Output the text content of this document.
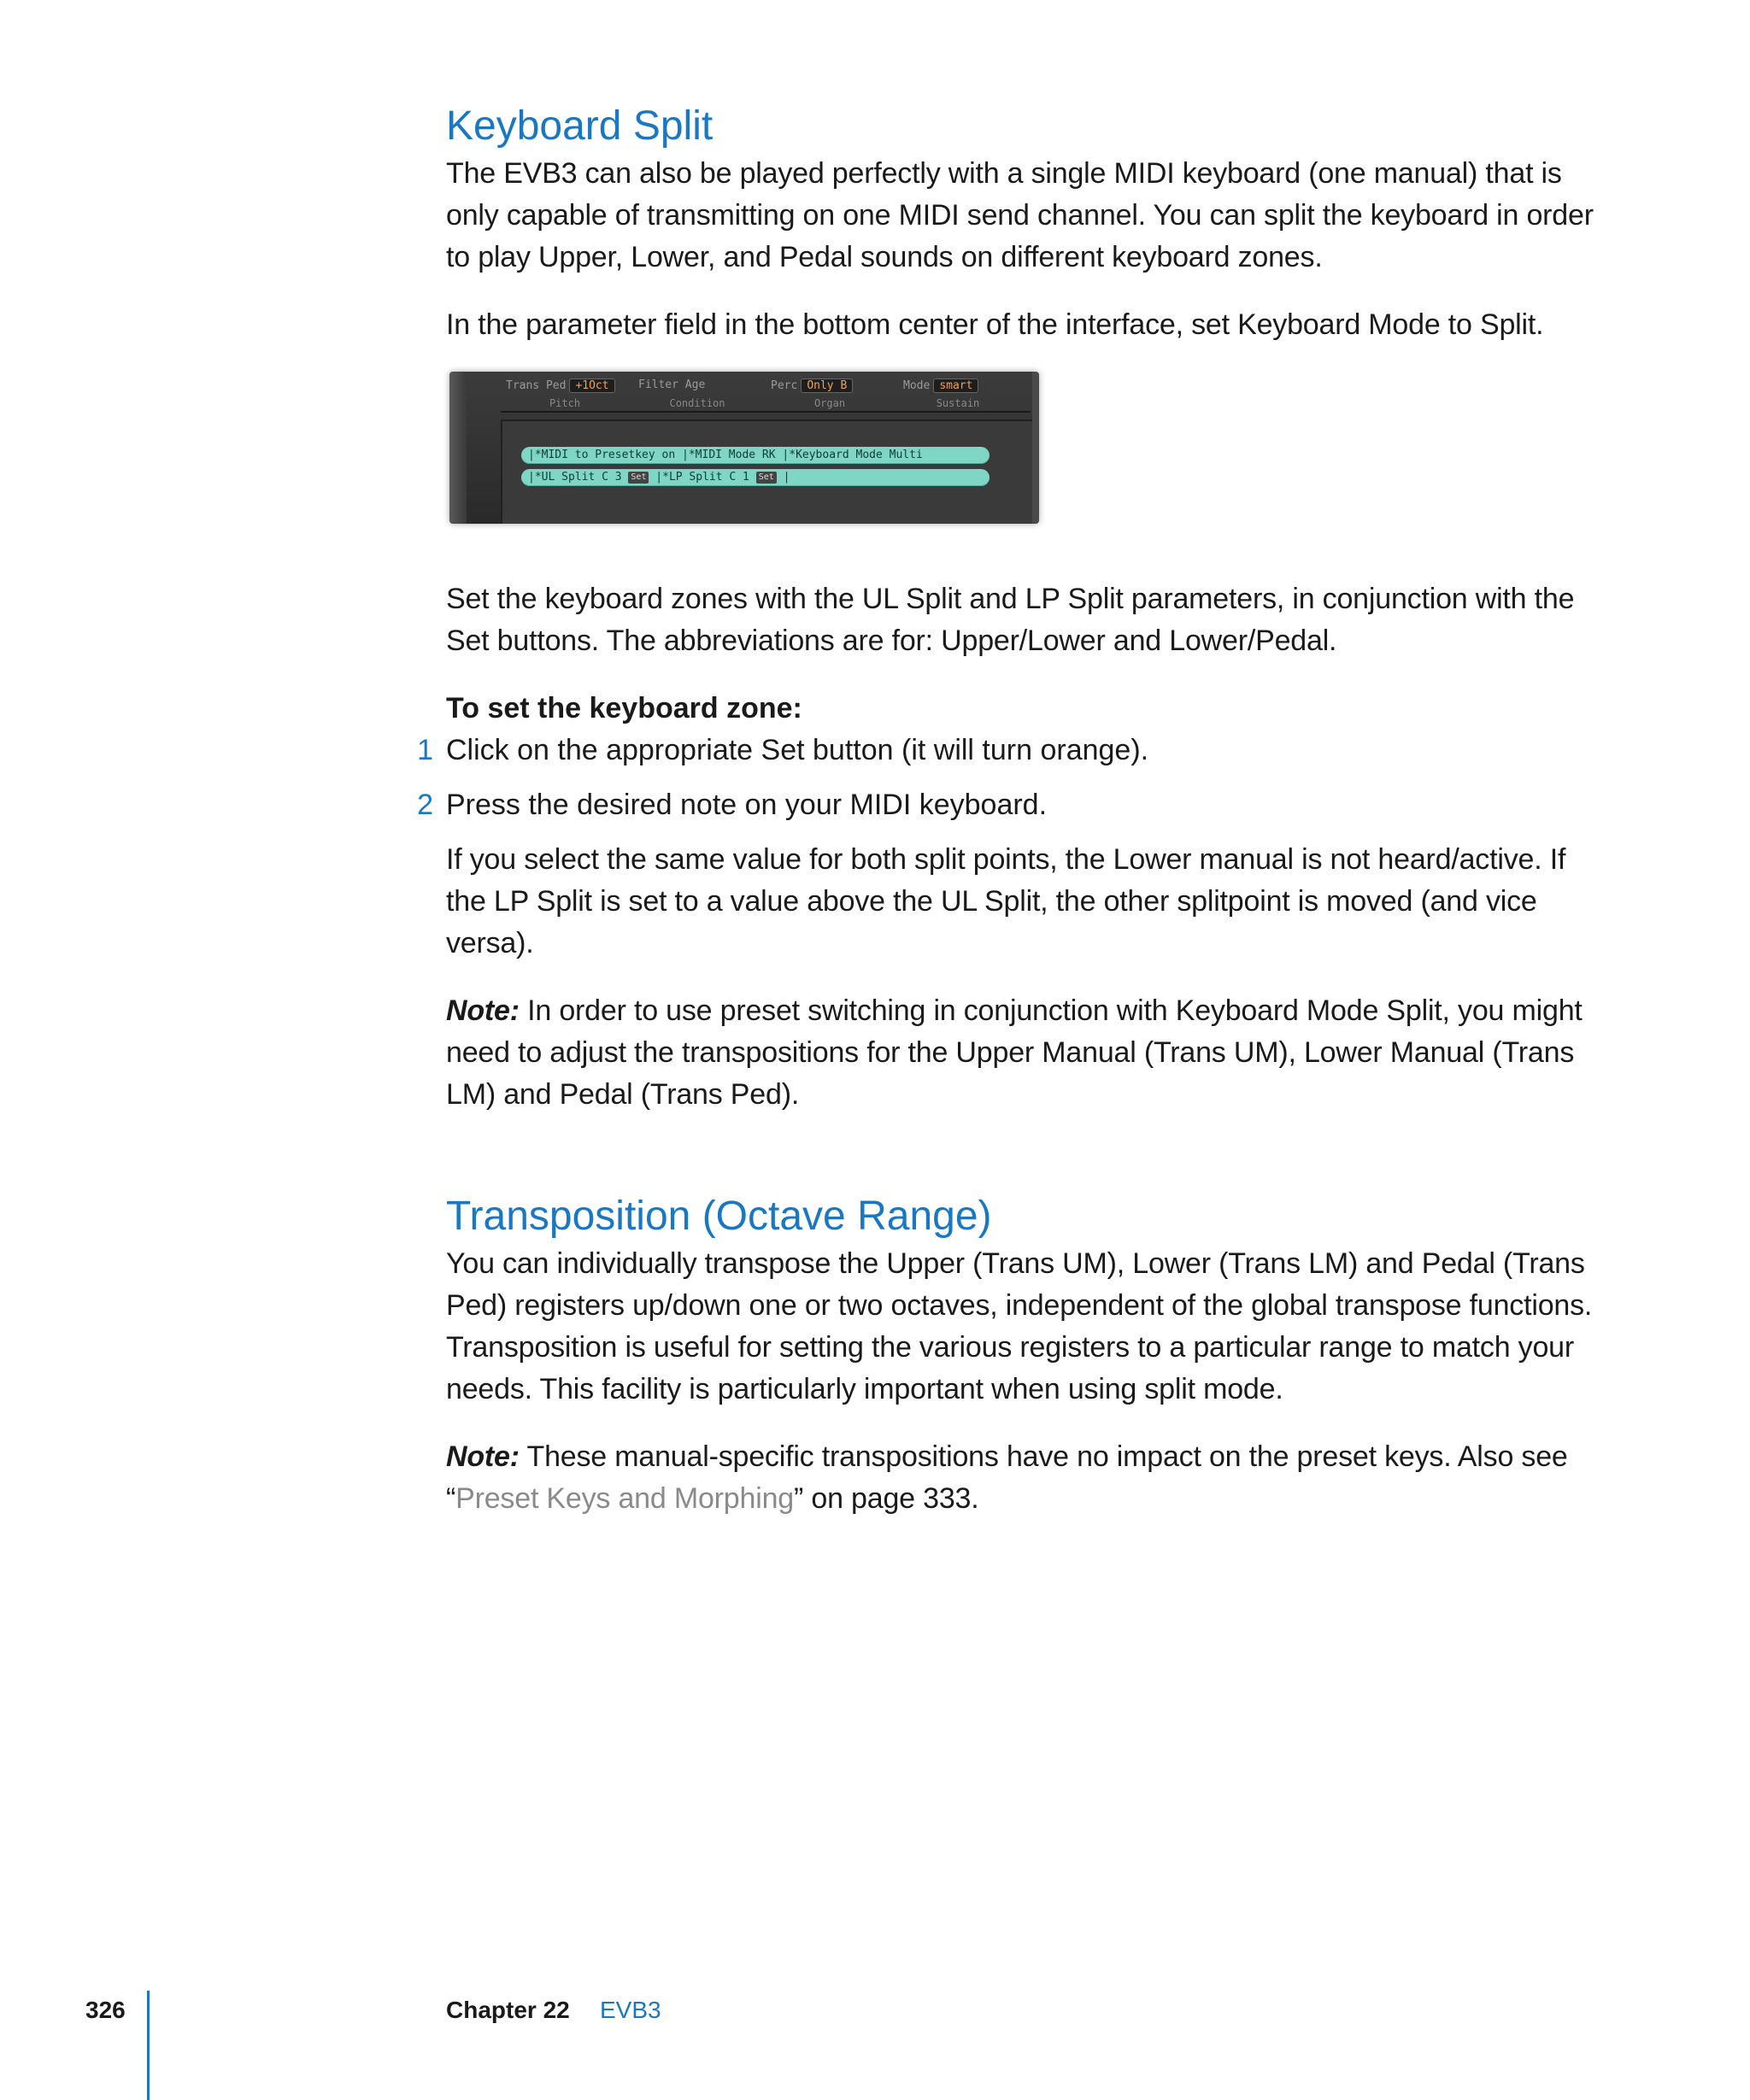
Keyboard Split

The EVB3 can also be played perfectly with a single MIDI keyboard (one manual) that is only capable of transmitting on one MIDI send channel. You can split the keyboard in order to play Upper, Lower, and Pedal sounds on different keyboard zones.

In the parameter field in the bottom center of the interface, set Keyboard Mode to Split.

Trans Ped +1Oct
Pitch
Filter Age
Condition
Perc Only B
Organ
Mode smart
Sustain
|*MIDI to Presetkey on |*MIDI Mode RK |*Keyboard Mode Multi
|*UL Split C 3 Set |*LP Split C 1 Set |

Set the keyboard zones with the UL Split and LP Split parameters, in conjunction with the Set buttons. The abbreviations are for: Upper/Lower and Lower/Pedal.

To set the keyboard zone:
1 Click on the appropriate Set button (it will turn orange).
2 Press the desired note on your MIDI keyboard.

If you select the same value for both split points, the Lower manual is not heard/active. If the LP Split is set to a value above the UL Split, the other splitpoint is moved (and vice versa).

Note: In order to use preset switching in conjunction with Keyboard Mode Split, you might need to adjust the transpositions for the Upper Manual (Trans UM), Lower Manual (Trans LM) and Pedal (Trans Ped).

Transposition (Octave Range)

You can individually transpose the Upper (Trans UM), Lower (Trans LM) and Pedal (Trans Ped) registers up/down one or two octaves, independent of the global transpose functions. Transposition is useful for setting the various registers to a particular range to match your needs. This facility is particularly important when using split mode.

Note: These manual-specific transpositions have no impact on the preset keys. Also see “Preset Keys and Morphing” on page 333.

326	Chapter 22 EVB3
